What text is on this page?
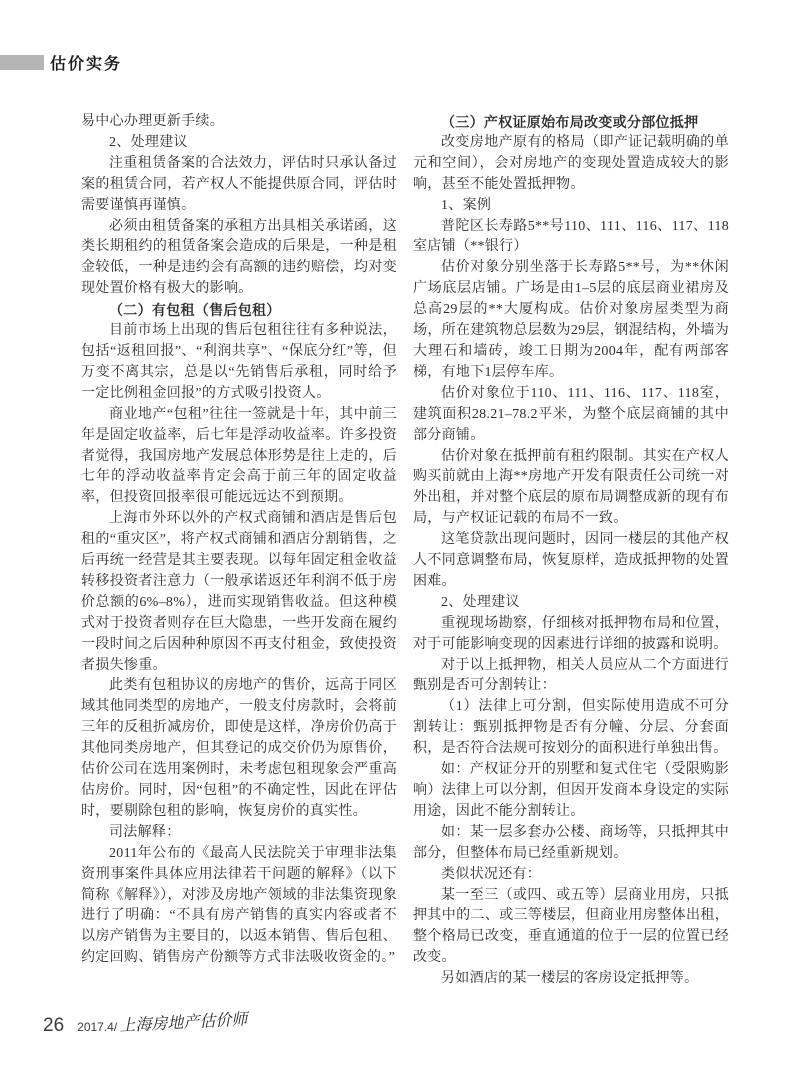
估价实务

易中心办理更新手续。

2、处理建议

注重租赁备案的合法效力，评估时只承认备过案的租赁合同，若产权人不能提供原合同，评估时需要谨慎再谨慎。

必须由租赁备案的承租方出具相关承诺函，这类长期租约的租赁备案会造成的后果是，一种是租金较低，一种是违约会有高额的违约赔偿，均对变现处置价格有极大的影响。

（二）有包租（售后包租）

目前市场上出现的售后包租往往有多种说法，包括“返租回报”、“利润共享”、“保底分红”等，但万变不离其宗，总是以“先销售后承租，同时给予一定比例租金回报”的方式吸引投资人。

商业地产“包租”往往一签就是十年，其中前三年是固定收益率，后七年是浮动收益率。许多投资者觉得，我国房地产发展总体形势是往上走的，后七年的浮动收益率肯定会高于前三年的固定收益率，但投资回报率很可能远远达不到预期。

上海市外环以外的产权式商铺和酒店是售后包租的“重灾区”，将产权式商铺和酒店分割销售，之后再统一经营是其主要表现。以每年固定租金收益转移投资者注意力（一般承诺返还年利润不低于房价总额的6%–8%），进而实现销售收益。但这种模式对于投资者则存在巨大隐患，一些开发商在履约一段时间之后因种种原因不再支付租金，致使投资者损失惨重。

此类有包租协议的房地产的售价，远高于同区域其他同类型的房地产，一般支付房款时，会将前三年的反租折减房价，即使是这样，净房价仍高于其他同类房地产，但其登记的成交价仍为原售价，估价公司在选用案例时，未考虑包租现象会严重高估房价。同时，因“包租”的不确定性，因此在评估时，要剔除包租的影响，恢复房价的真实性。

司法解释：

2011年公布的《最高人民法院关于审理非法集资刑事案件具体应用法律若干问题的解释》（以下简称《解释》），对涉及房地产领域的非法集资现象进行了明确：“不具有房产销售的真实内容或者不以房产销售为主要目的，以返本销售、售后包租、约定回购、销售房产份额等方式非法吸收资金的。”

（三）产权证原始布局改变或分部位抵押

改变房地产原有的格局（即产证记载明确的单元和空间），会对房地产的变现处置造成较大的影响，甚至不能处置抵押物。

1、案例

普陀区长寿路5**号110、111、116、117、118室店铺（**银行）

估价对象分别坐落于长寿路5**号，为**休闲广场底层店铺。广场是由1–5层的底层商业裙房及总高29层的**大厦构成。估价对象房屋类型为商场，所在建筑物总层数为29层，钢混结构，外墙为大理石和墙砖，竣工日期为2004年，配有两部客梯，有地下1层停车库。

估价对象位于110、111、116、117、118室，建筑面积28.21–78.2平米，为整个底层商铺的其中部分商铺。

估价对象在抵押前有租约限制。其实在产权人购买前就由上海**房地产开发有限责任公司统一对外出租，并对整个底层的原布局调整成新的现有布局，与产权证记载的布局不一致。

这笔贷款出现问题时，因同一楼层的其他产权人不同意调整布局，恢复原样，造成抵押物的处置困难。

2、处理建议

重视现场勘察，仔细核对抵押物布局和位置，对于可能影响变现的因素进行详细的披露和说明。

对于以上抵押物，相关人员应从二个方面进行甄别是否可分割转让：

（1）法律上可分割，但实际使用造成不可分割转让：甄别抵押物是否有分幢、分层、分套面积，是否符合法规可按划分的面积进行单独出售。

如：产权证分开的别墅和复式住宅（受限购影响）法律上可以分割，但因开发商本身设定的实际用途，因此不能分割转让。

如：某一层多套办公楼、商场等，只抵押其中部分，但整体布局已经重新规划。

类似状况还有：

某一至三（或四、或五等）层商业用房，只抵押其中的二、或三等楼层，但商业用房整体出租，整个格局已改变，垂直通道的位于一层的位置已经改变。

另如酒店的某一楼层的客房设定抵押等。

26 2017.4/ 上海房地产估价师
